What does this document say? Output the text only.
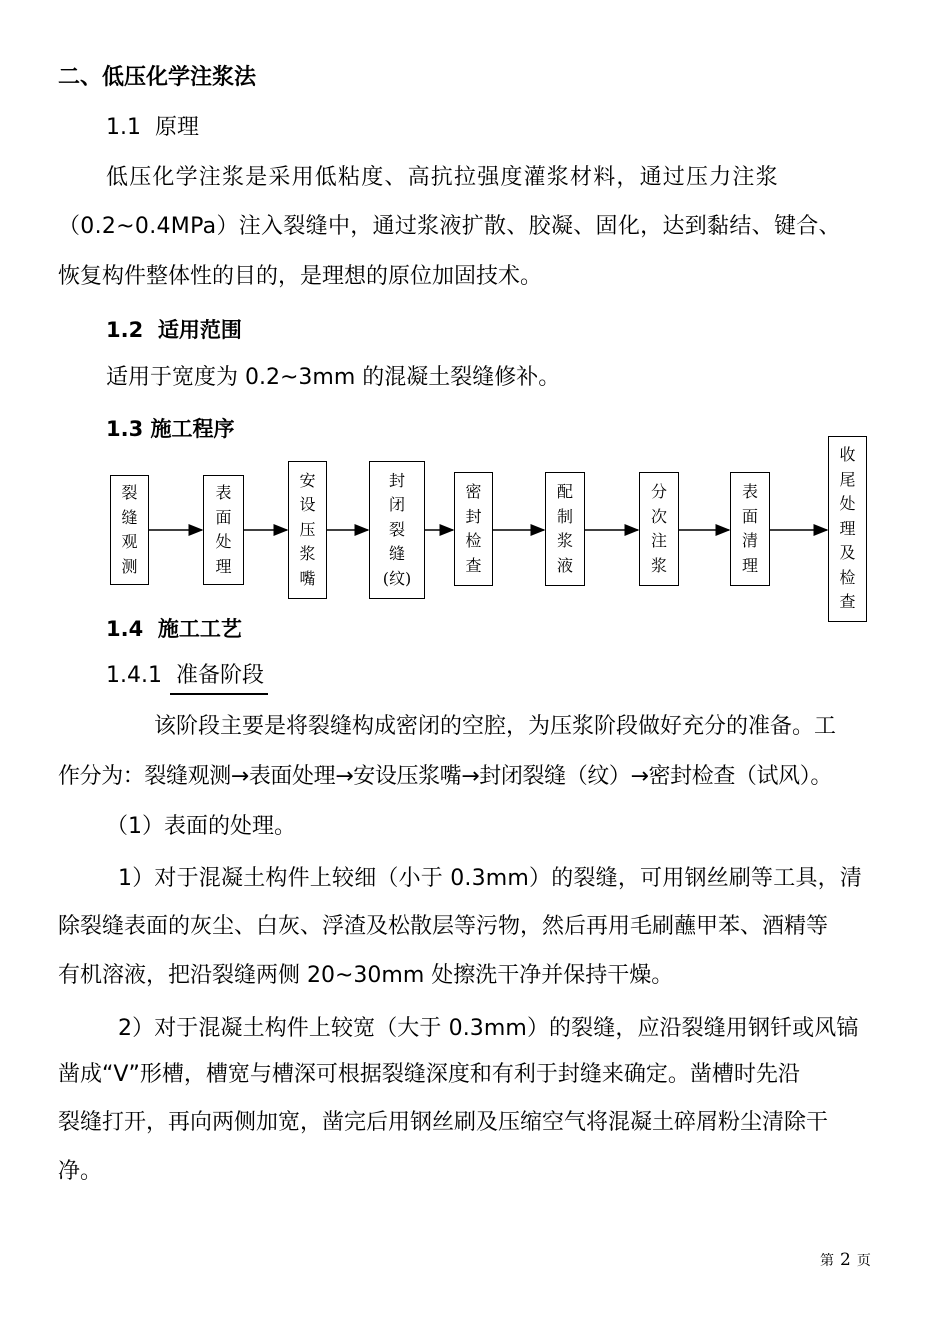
二、低压化学注浆法
1.1 原理
低压化学注浆是采用低粘度、高抗拉强度灌浆材料，通过压力注浆
（0.2~0.4MPa）注入裂缝中，通过浆液扩散、胶凝、固化，达到黏结、键合、
恢复构件整体性的目的，是理想的原位加固技术。
1.2 适用范围
适用于宽度为 0.2~3mm 的混凝土裂缝修补。
1.3 施工程序
裂
缝
观
测
表
面
处
理
安
设
压
浆
嘴
封
闭
裂
缝
(纹)
密
封
检
查
配
制
浆
液
分
次
注
浆
表
面
清
理
收
尾
处
理
及
检
查
1.4 施工工艺
1.4.1 准备阶段
该阶段主要是将裂缝构成密闭的空腔，为压浆阶段做好充分的准备。工
作分为：裂缝观测→表面处理→安设压浆嘴→封闭裂缝（纹）→密封检查（试风）。
（1）表面的处理。
1）对于混凝土构件上较细（小于 0.3mm）的裂缝，可用钢丝刷等工具，清
除裂缝表面的灰尘、白灰、浮渣及松散层等污物，然后再用毛刷蘸甲苯、酒精等
有机溶液，把沿裂缝两侧 20~30mm 处擦洗干净并保持干燥。
2）对于混凝土构件上较宽（大于 0.3mm）的裂缝，应沿裂缝用钢钎或风镐
凿成“V”形槽，槽宽与槽深可根据裂缝深度和有利于封缝来确定。凿槽时先沿
裂缝打开，再向两侧加宽，凿完后用钢丝刷及压缩空气将混凝土碎屑粉尘清除干
净。
第 2 页
